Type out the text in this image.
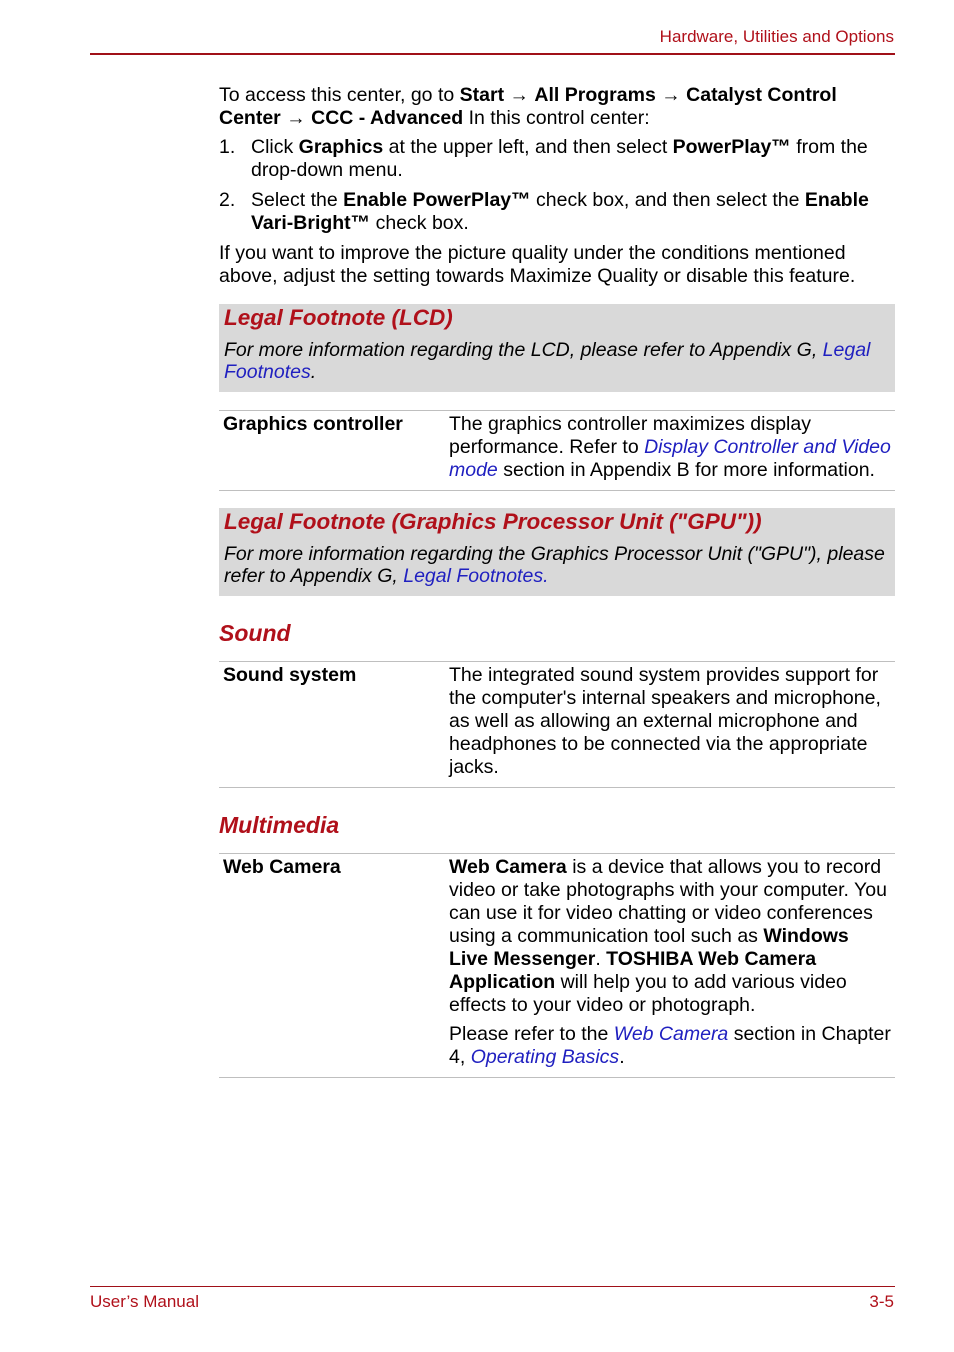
Hardware, Utilities and Options

To access this center, go to Start → All Programs → Catalyst Control Center → CCC - Advanced In this control center:

1. Click Graphics at the upper left, and then select PowerPlay™ from the drop-down menu.
2. Select the Enable PowerPlay™ check box, and then select the Enable Vari-Bright™ check box.

If you want to improve the picture quality under the conditions mentioned above, adjust the setting towards Maximize Quality or disable this feature.

Legal Footnote (LCD)
For more information regarding the LCD, please refer to Appendix G, Legal Footnotes.
Graphics controller	The graphics controller maximizes display performance. Refer to Display Controller and Video mode section in Appendix B for more information.
Legal Footnote (Graphics Processor Unit ("GPU"))
For more information regarding the Graphics Processor Unit ("GPU"), please refer to Appendix G, Legal Footnotes.
Sound
Sound system	The integrated sound system provides support for the computer's internal speakers and microphone, as well as allowing an external microphone and headphones to be connected via the appropriate jacks.
Multimedia
Web Camera	Web Camera is a device that allows you to record video or take photographs with your computer. You can use it for video chatting or video conferences using a communication tool such as Windows Live Messenger. TOSHIBA Web Camera Application will help you to add various video effects to your video or photograph.

Please refer to the Web Camera section in Chapter 4, Operating Basics.

User’s Manual	3-5
